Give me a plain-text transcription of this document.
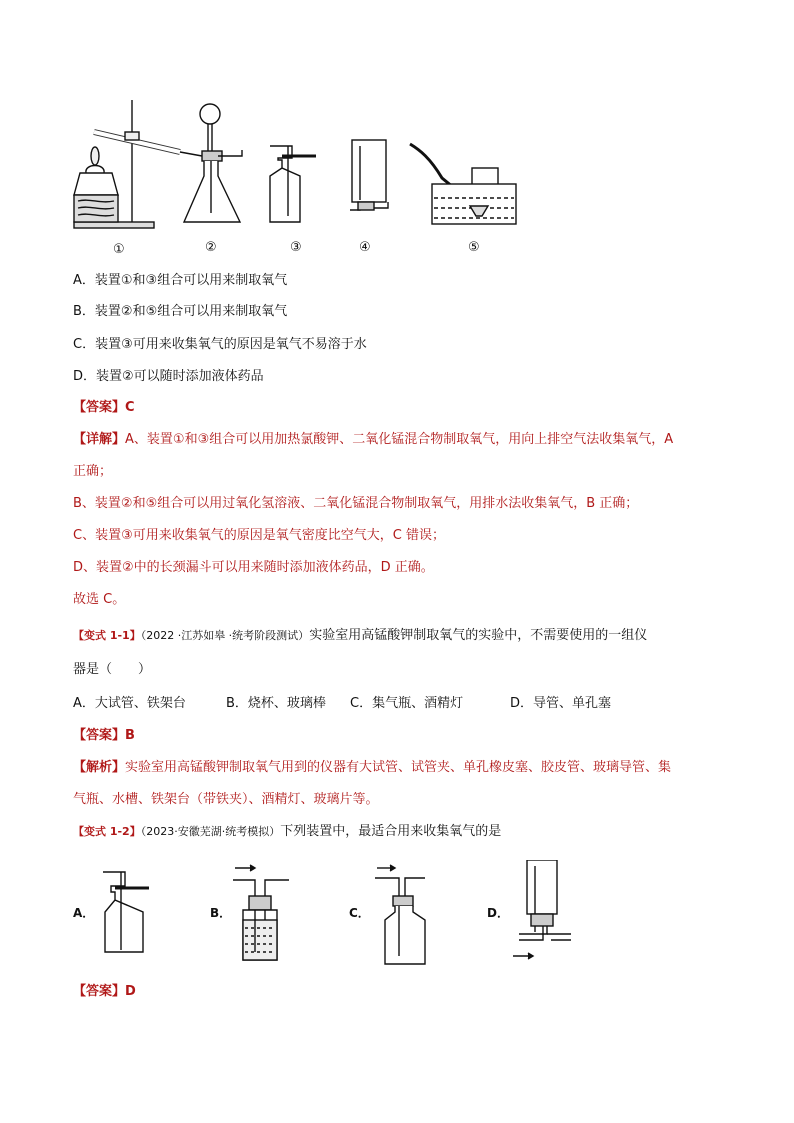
①	②	③	④	⑤
A．装置①和③组合可以用来制取氧气
B．装置②和⑤组合可以用来制取氧气
C．装置③可用来收集氧气的原因是氧气不易溶于水
D．装置②可以随时添加液体药品
【答案】C
【详解】A、装置①和③组合可以用加热氯酸钾、二氧化锰混合物制取氧气，用向上排空气法收集氧气，A
正确；
B、装置②和⑤组合可以用过氧化氢溶液、二氧化锰混合物制取氧气，用排水法收集氧气，B 正确；
C、装置③可用来收集氧气的原因是氧气密度比空气大，C 错误；
D、装置②中的长颈漏斗可以用来随时添加液体药品，D 正确。
故选 C。
【变式 1-1】（2022 ·江苏如皋 ·统考阶段测试）实验室用高锰酸钾制取氧气的实验中，不需要使用的一组仪
器是（　　）
A．大试管、铁架台	B．烧杯、玻璃棒 C．集气瓶、酒精灯	D．导管、单孔塞
【答案】B
【解析】实验室用高锰酸钾制取氧气用到的仪器有大试管、试管夹、单孔橡皮塞、胶皮管、玻璃导管、集
气瓶、水槽、铁架台（带铁夹）、酒精灯、玻璃片等。
【变式 1-2】（2023·安徽芜湖·统考模拟）下列装置中，最适合用来收集氧气的是
A．	B．	C．	D．
【答案】D
